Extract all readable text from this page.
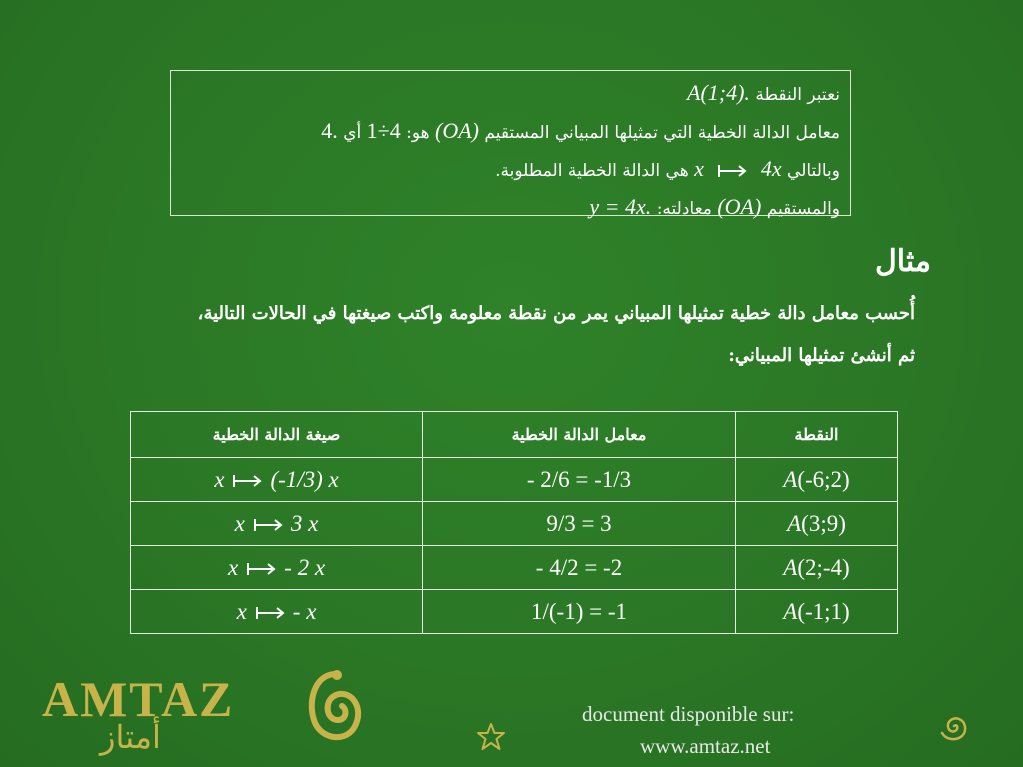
نعتبر النقطة A(1;4).
معامل الدالة الخطية التي تمثيلها المبياني المستقيم (OA) هو: 1÷4 أي 4.
وبالتالي x	4x هي الدالة الخطية المطلوبة.
والمستقيم (OA) معادلته: y = 4x.
مثال
أُحسب معامل دالة خطية تمثيلها المبياني يمر من نقطة معلومة واكتب صيغتها في الحالات التالية،
ثم أنشئ تمثيلها المبياني:
صيغة الدالة الخطية	معامل الدالة الخطية	النقطة
x (-1/3) x	- 2/6 = -1/3	A(-6;2)
x 3 x	9/3 = 3	A(3;9)
x - 2 x	- 4/2 = -2	A(2;-4)
x - x	1/(-1) = -1	A(-1;1)
AMTAZ
أمتاز
document disponible sur:
www.amtaz.net
